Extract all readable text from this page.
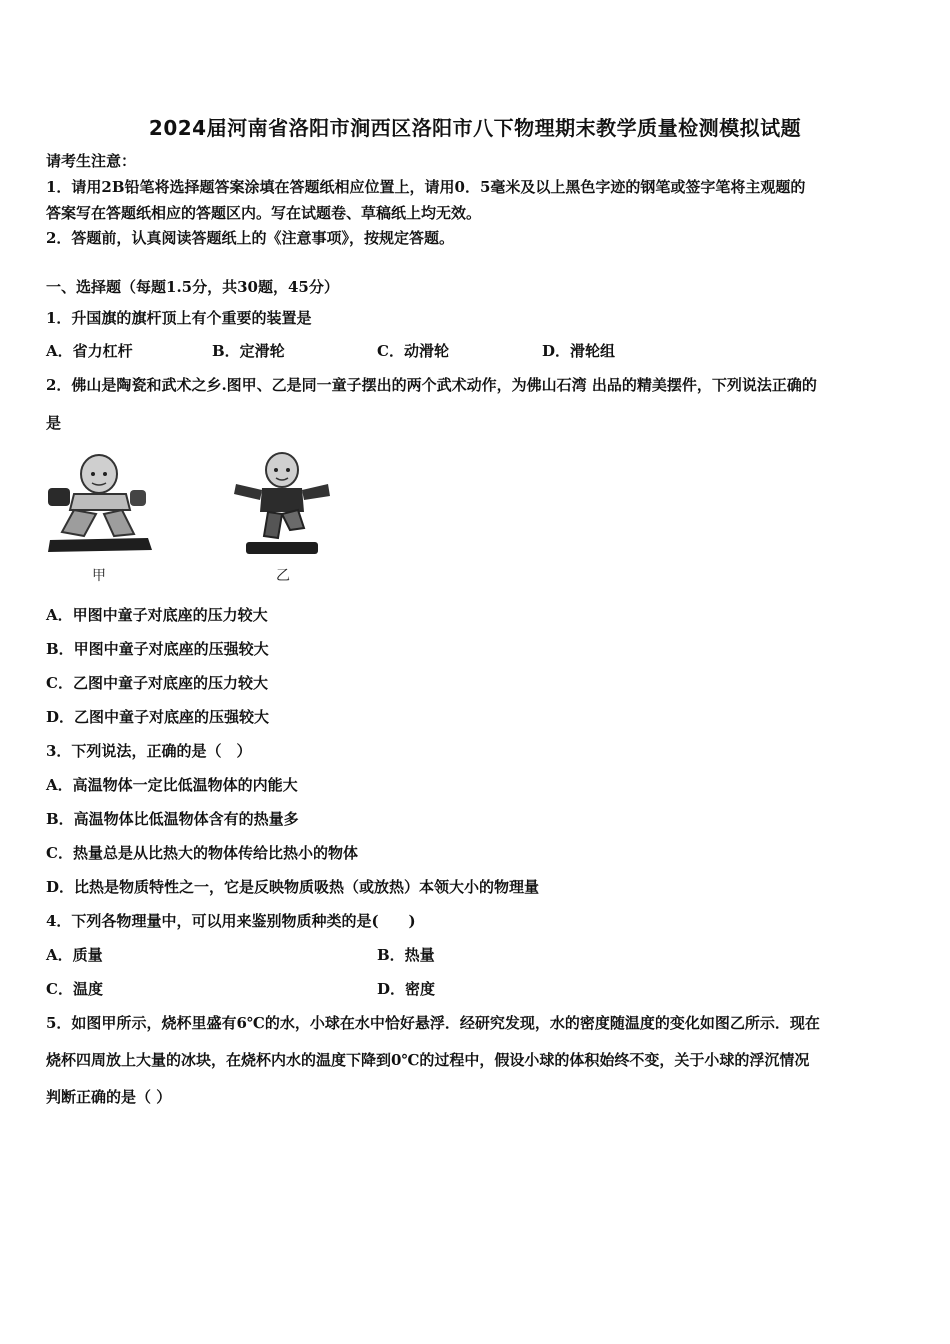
2024届河南省洛阳市涧西区洛阳市八下物理期末教学质量检测模拟试题
请考生注意：
1．请用2B铅笔将选择题答案涂填在答题纸相应位置上，请用0．5毫米及以上黑色字迹的钢笔或签字笔将主观题的
答案写在答题纸相应的答题区内。写在试题卷、草稿纸上均无效。
2．答题前，认真阅读答题纸上的《注意事项》，按规定答题。
一、选择题（每题1.5分，共30题，45分）
1．升国旗的旗杆顶上有个重要的装置是
A．省力杠杆	B．定滑轮	C．动滑轮	D．滑轮组
2．佛山是陶瓷和武术之乡.图甲、乙是同一童子摆出的两个武术动作，为佛山石湾 出品的精美摆件，下列说法正确的
是
甲	乙
A．甲图中童子对底座的压力较大
B．甲图中童子对底座的压强较大
C．乙图中童子对底座的压力较大
D．乙图中童子对底座的压强较大
3．下列说法，正确的是（　）
A．高温物体一定比低温物体的内能大
B．高温物体比低温物体含有的热量多
C．热量总是从比热大的物体传给比热小的物体
D．比热是物质特性之一，它是反映物质吸热（或放热）本领大小的物理量
4．下列各物理量中，可以用来鉴别物质种类的是(　　)
A．质量	B．热量
C．温度	D．密度
5．如图甲所示，烧杯里盛有6℃的水，小球在水中恰好悬浮．经研究发现，水的密度随温度的变化如图乙所示．现在
烧杯四周放上大量的冰块，在烧杯内水的温度下降到0℃的过程中，假设小球的体积始终不变，关于小球的浮沉情况
判断正确的是（ ）
